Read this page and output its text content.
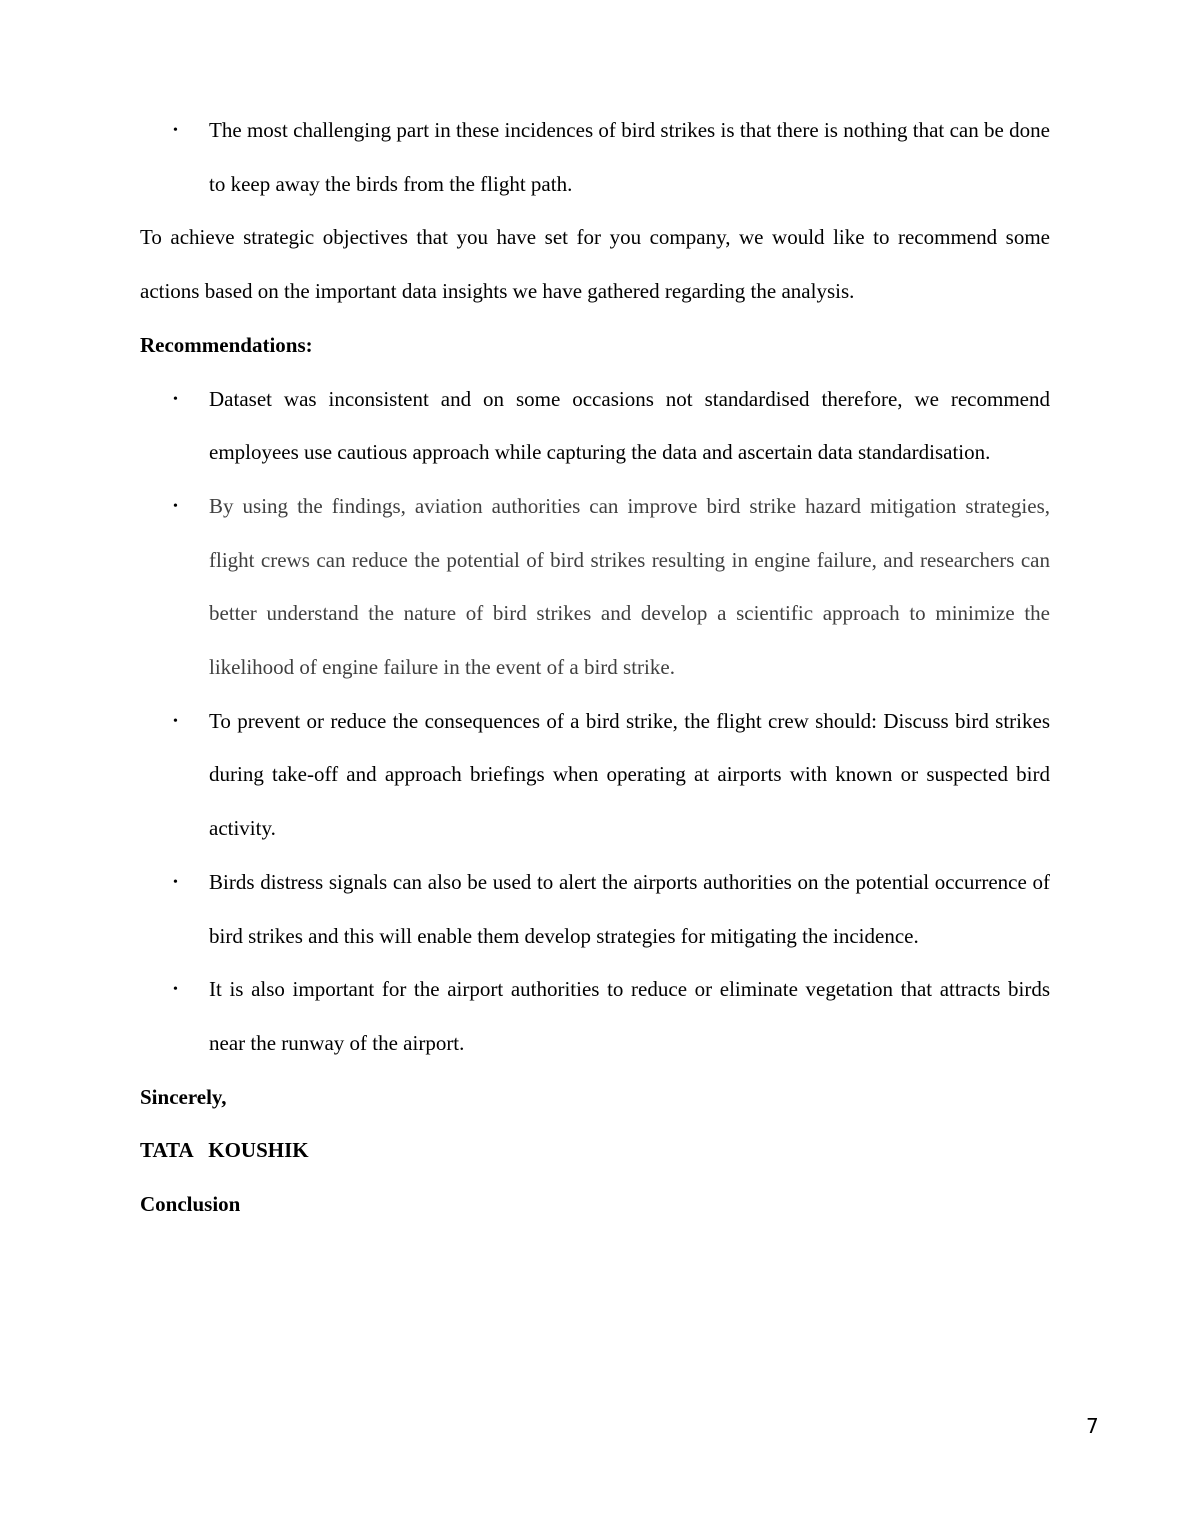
• The most challenging part in these incidences of bird strikes is that there is nothing that can be done to keep away the birds from the flight path.

To achieve strategic objectives that you have set for you company, we would like to recommend some actions based on the important data insights we have gathered regarding the analysis.

Recommendations:

• Dataset was inconsistent and on some occasions not standardised therefore, we recommend employees use cautious approach while capturing the data and ascertain data standardisation.
• By using the findings, aviation authorities can improve bird strike hazard mitigation strategies, flight crews can reduce the potential of bird strikes resulting in engine failure, and researchers can better understand the nature of bird strikes and develop a scientific approach to minimize the likelihood of engine failure in the event of a bird strike.
• To prevent or reduce the consequences of a bird strike, the flight crew should: Discuss bird strikes during take-off and approach briefings when operating at airports with known or suspected bird activity.
• Birds distress signals can also be used to alert the airports authorities on the potential occurrence of bird strikes and this will enable them develop strategies for mitigating the incidence.
• It is also important for the airport authorities to reduce or eliminate vegetation that attracts birds near the runway of the airport.

Sincerely,

TATA   KOUSHIK

Conclusion

7
